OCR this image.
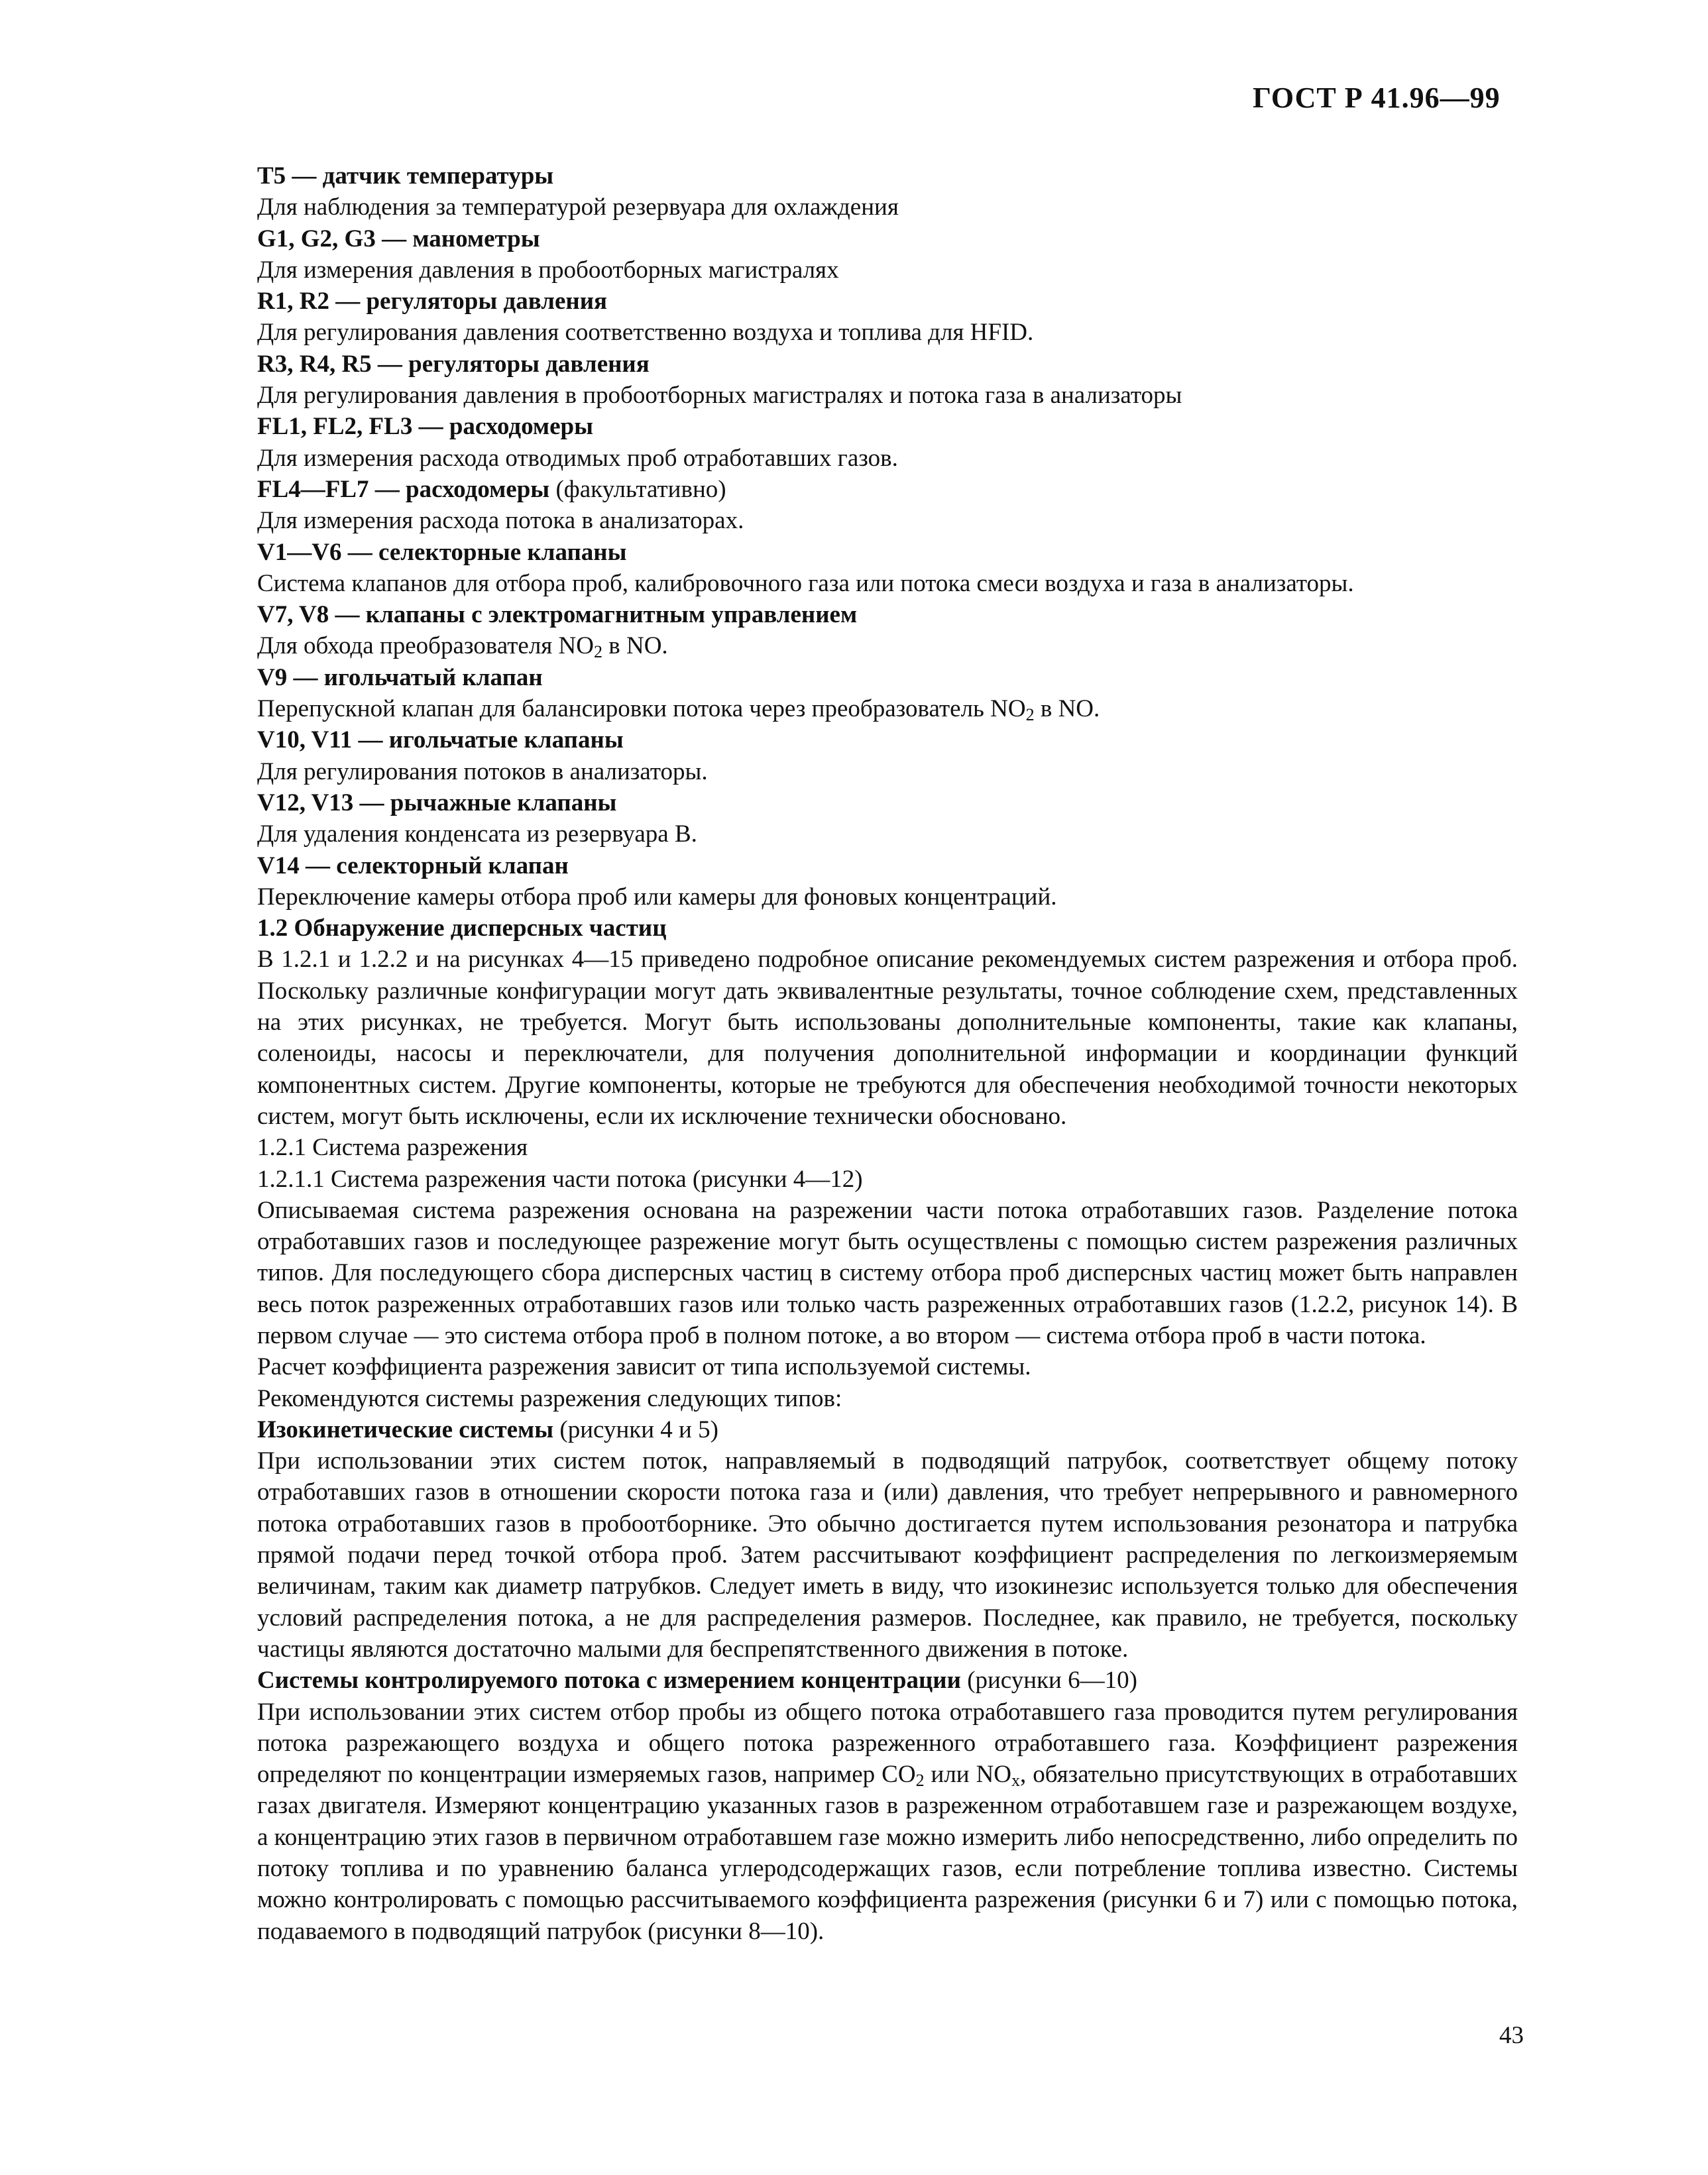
ГОСТ Р 41.96—99

T5 — датчик температуры

Для наблюдения за температурой резервуара для охлаждения

G1, G2, G3 — манометры

Для измерения давления в пробоотборных магистралях

R1, R2 — регуляторы давления

Для регулирования давления соответственно воздуха и топлива для HFID.

R3, R4, R5 — регуляторы давления

Для регулирования давления в пробоотборных магистралях и потока газа в анализаторы

FL1, FL2, FL3 — расходомеры

Для измерения расхода отводимых проб отработавших газов.

FL4—FL7 — расходомеры (факультативно)

Для измерения расхода потока в анализаторах.

V1—V6 — селекторные клапаны

Система клапанов для отбора проб, калибровочного газа или потока смеси воздуха и газа в анализаторы.

V7, V8 — клапаны с электромагнитным управлением

Для обхода преобразователя $NO_2$ в NO.

V9 — игольчатый клапан

Перепускной клапан для балансировки потока через преобразователь $NO_2$ в NO.

V10, V11 — игольчатые клапаны

Для регулирования потоков в анализаторы.

V12, V13 — рычажные клапаны

Для удаления конденсата из резервуара В.

V14 — селекторный клапан

Переключение камеры отбора проб или камеры для фоновых концентраций.

1.2 Обнаружение дисперсных частиц

В 1.2.1 и 1.2.2 и на рисунках 4—15 приведено подробное описание рекомендуемых систем разрежения и отбора проб. Поскольку различные конфигурации могут дать эквивалентные результаты, точное соблюдение схем, представленных на этих рисунках, не требуется. Могут быть использованы дополнительные компоненты, такие как клапаны, соленоиды, насосы и переключатели, для получения дополнительной информации и координации функций компонентных систем. Другие компоненты, которые не требуются для обеспечения необходимой точности некоторых систем, могут быть исключены, если их исключение технически обосновано.

1.2.1 Система разрежения

1.2.1.1 Система разрежения части потока (рисунки 4—12)

Описываемая система разрежения основана на разрежении части потока отработавших газов. Разделение потока отработавших газов и последующее разрежение могут быть осуществлены с помощью систем разрежения различных типов. Для последующего сбора дисперсных частиц в систему отбора проб дисперсных частиц может быть направлен весь поток разреженных отработавших газов или только часть разреженных отработавших газов (1.2.2, рисунок 14). В первом случае — это система отбора проб в полном потоке, а во втором — система отбора проб в части потока.

Расчет коэффициента разрежения зависит от типа используемой системы.

Рекомендуются системы разрежения следующих типов:

Изокинетические системы (рисунки 4 и 5)

При использовании этих систем поток, направляемый в подводящий патрубок, соответствует общему потоку отработавших газов в отношении скорости потока газа и (или) давления, что требует непрерывного и равномерного потока отработавших газов в пробоотборнике. Это обычно достигается путем использования резонатора и патрубка прямой подачи перед точкой отбора проб. Затем рассчитывают коэффициент распределения по легкоизмеряемым величинам, таким как диаметр патрубков. Следует иметь в виду, что изокинезис используется только для обеспечения условий распределения потока, а не для распределения размеров. Последнее, как правило, не требуется, поскольку частицы являются достаточно малыми для беспрепятственного движения в потоке.

Системы контролируемого потока с измерением концентрации (рисунки 6—10)

При использовании этих систем отбор пробы из общего потока отработавшего газа проводится путем регулирования потока разрежающего воздуха и общего потока разреженного отработавшего газа. Коэффициент разрежения определяют по концентрации измеряемых газов, например $CO_2$ или $NO_x$, обязательно присутствующих в отработавших газах двигателя. Измеряют концентрацию указанных газов в разреженном отработавшем газе и разрежающем воздухе, а концентрацию этих газов в первичном отработавшем газе можно измерить либо непосредственно, либо определить по потоку топлива и по уравнению баланса углеродсодержащих газов, если потребление топлива известно. Системы можно контролировать с помощью рассчитываемого коэффициента разрежения (рисунки 6 и 7) или с помощью потока, подаваемого в подводящий патрубок (рисунки 8—10).

43
